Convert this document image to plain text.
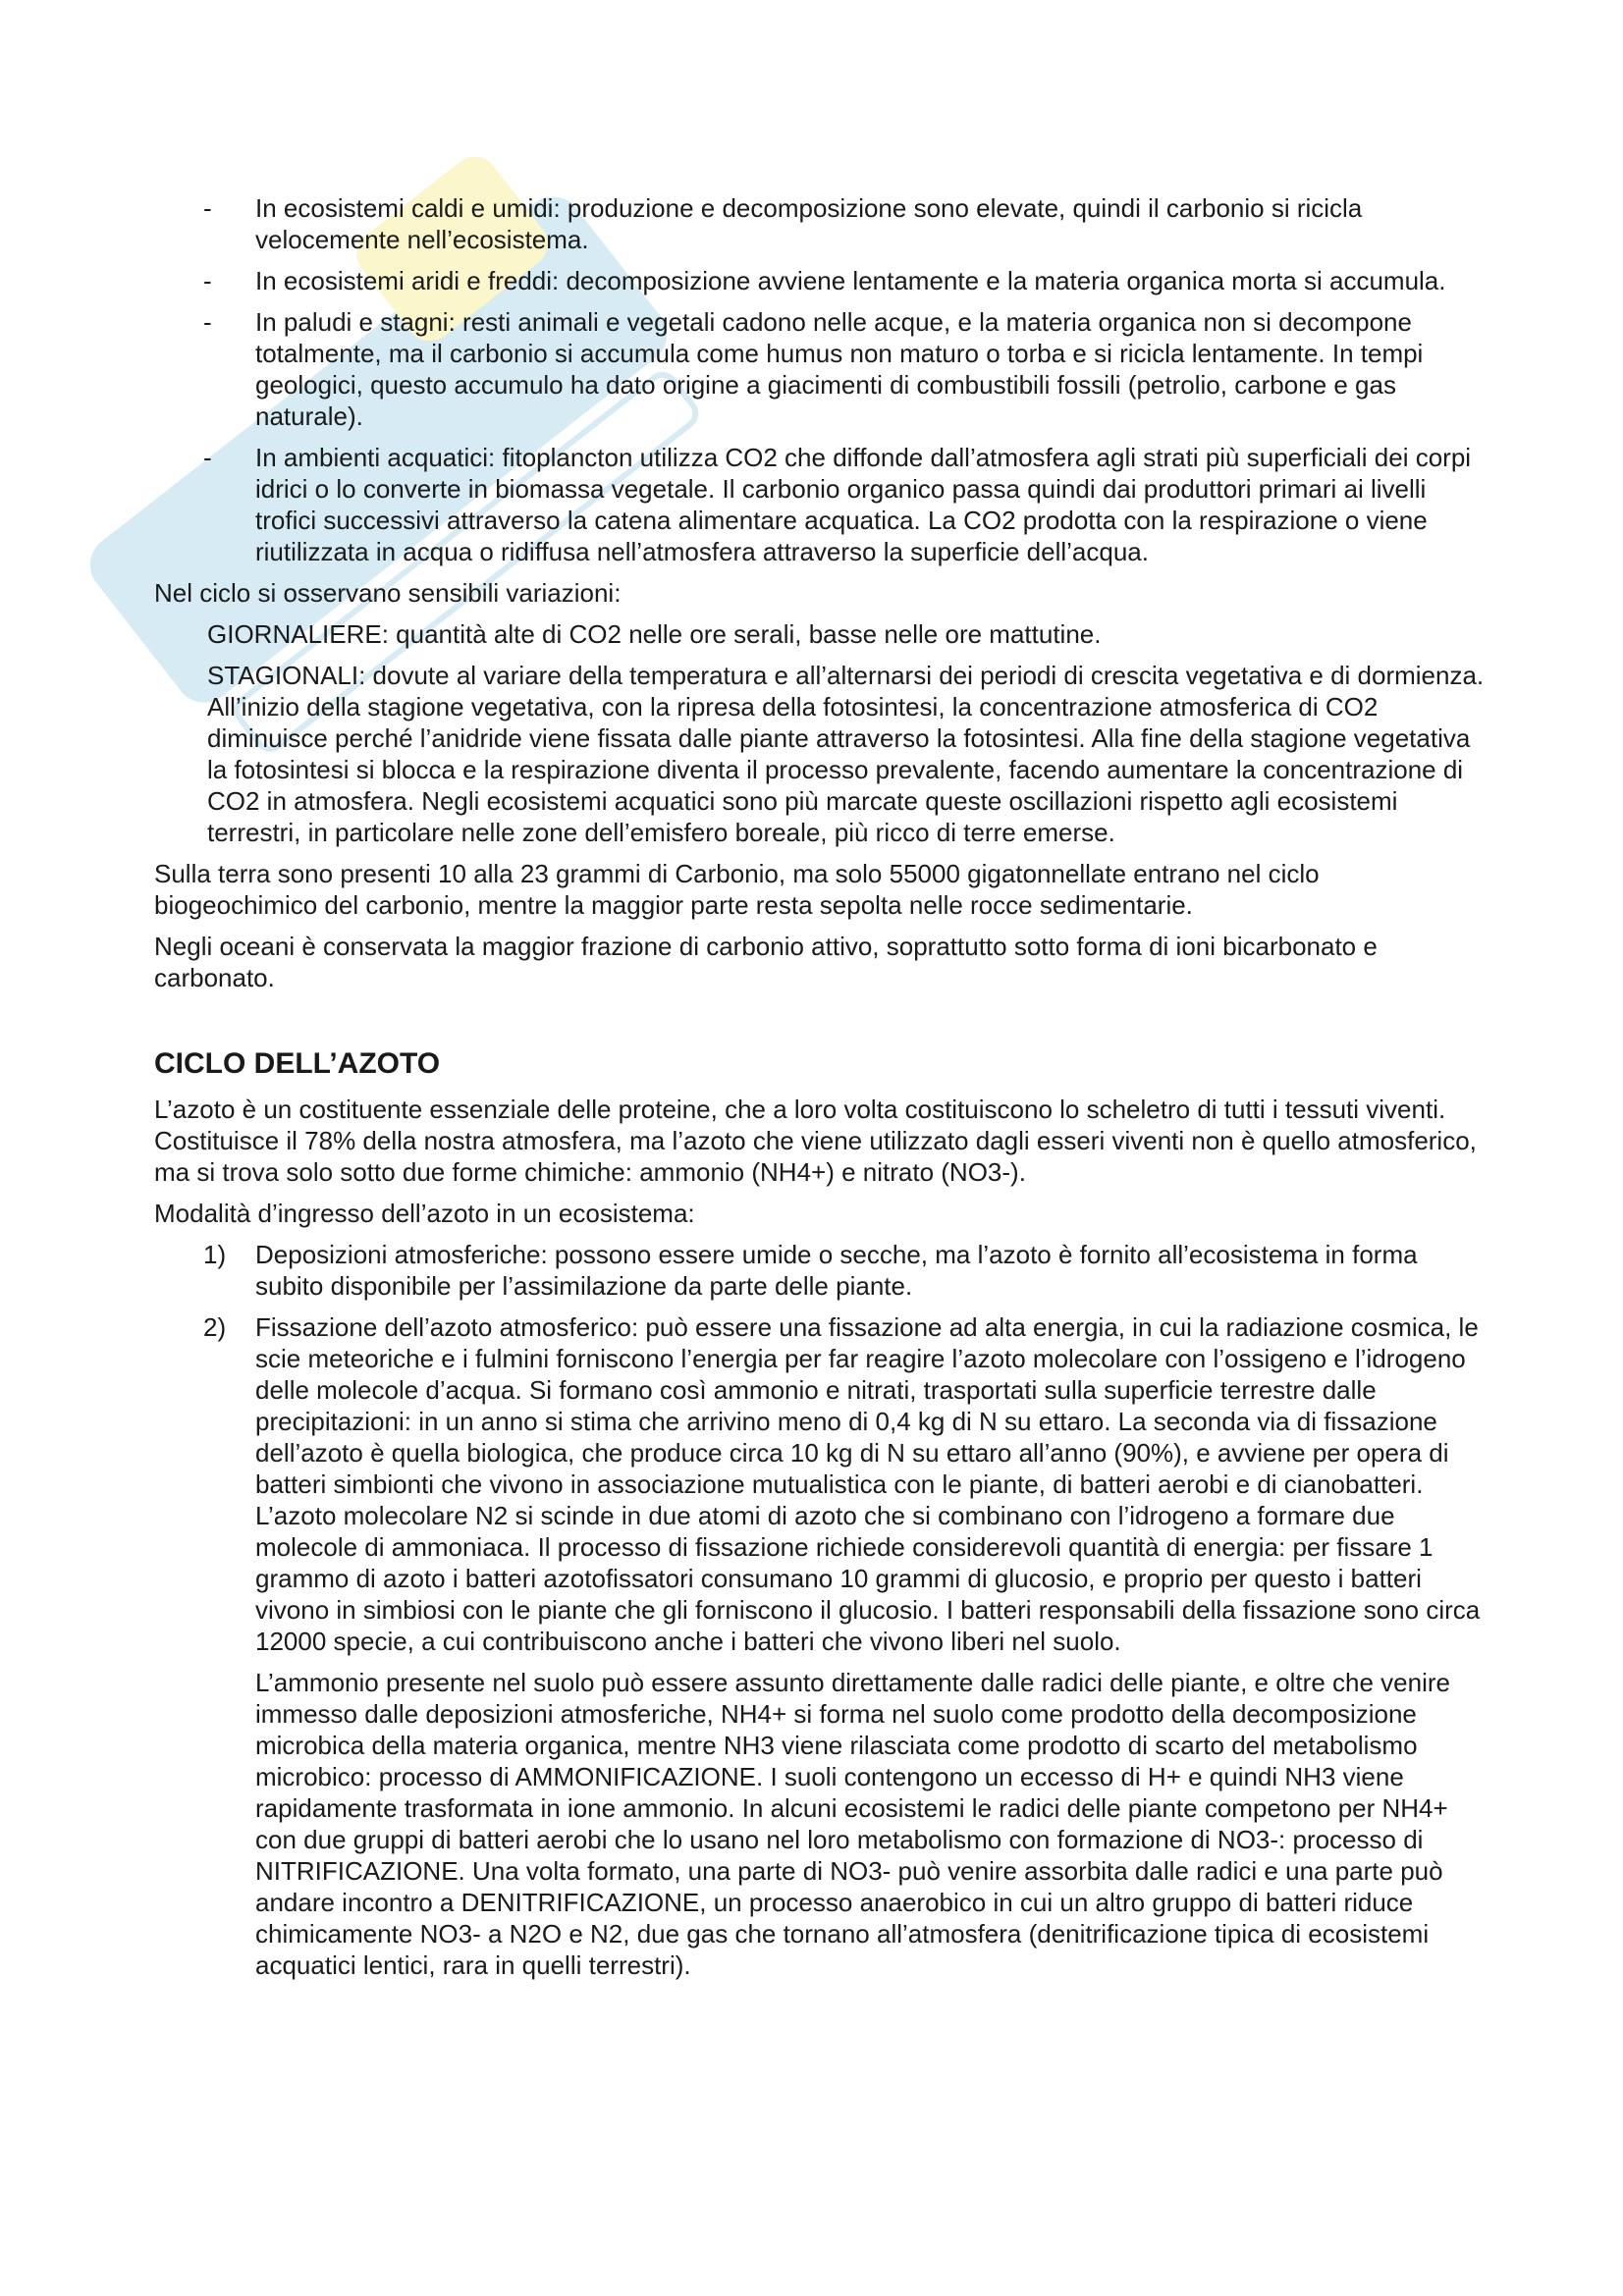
- In ecosistemi caldi e umidi: produzione e decomposizione sono elevate, quindi il carbonio si ricicla velocemente nell’ecosistema.
- In ecosistemi aridi e freddi: decomposizione avviene lentamente e la materia organica morta si accumula.
- In paludi e stagni: resti animali e vegetali cadono nelle acque, e la materia organica non si decompone totalmente, ma il carbonio si accumula come humus non maturo o torba e si ricicla lentamente. In tempi geologici, questo accumulo ha dato origine a giacimenti di combustibili fossili (petrolio, carbone e gas naturale).
- In ambienti acquatici: fitoplancton utilizza CO2 che diffonde dall’atmosfera agli strati più superficiali dei corpi idrici o lo converte in biomassa vegetale. Il carbonio organico passa quindi dai produttori primari ai livelli trofici successivi attraverso la catena alimentare acquatica. La CO2 prodotta con la respirazione o viene riutilizzata in acqua o ridiffusa nell’atmosfera attraverso la superficie dell’acqua.

Nel ciclo si osservano sensibili variazioni:

GIORNALIERE: quantità alte di CO2 nelle ore serali, basse nelle ore mattutine.

STAGIONALI: dovute al variare della temperatura e all’alternarsi dei periodi di crescita vegetativa e di dormienza. All’inizio della stagione vegetativa, con la ripresa della fotosintesi, la concentrazione atmosferica di CO2 diminuisce perché l’anidride viene fissata dalle piante attraverso la fotosintesi. Alla fine della stagione vegetativa la fotosintesi si blocca e la respirazione diventa il processo prevalente, facendo aumentare la concentrazione di CO2 in atmosfera. Negli ecosistemi acquatici sono più marcate queste oscillazioni rispetto agli ecosistemi terrestri, in particolare nelle zone dell’emisfero boreale, più ricco di terre emerse.

Sulla terra sono presenti 10 alla 23 grammi di Carbonio, ma solo 55000 gigatonnellate entrano nel ciclo biogeochimico del carbonio, mentre la maggior parte resta sepolta nelle rocce sedimentarie.

Negli oceani è conservata la maggior frazione di carbonio attivo, soprattutto sotto forma di ioni bicarbonato e carbonato.

CICLO DELL’AZOTO

L’azoto è un costituente essenziale delle proteine, che a loro volta costituiscono lo scheletro di tutti i tessuti viventi. Costituisce il 78% della nostra atmosfera, ma l’azoto che viene utilizzato dagli esseri viventi non è quello atmosferico, ma si trova solo sotto due forme chimiche: ammonio (NH4+) e nitrato (NO3-).

Modalità d’ingresso dell’azoto in un ecosistema:

1) Deposizioni atmosferiche: possono essere umide o secche, ma l’azoto è fornito all’ecosistema in forma subito disponibile per l’assimilazione da parte delle piante.
2) Fissazione dell’azoto atmosferico: può essere una fissazione ad alta energia, in cui la radiazione cosmica, le scie meteoriche e i fulmini forniscono l’energia per far reagire l’azoto molecolare con l’ossigeno e l’idrogeno delle molecole d’acqua. Si formano così ammonio e nitrati, trasportati sulla superficie terrestre dalle precipitazioni: in un anno si stima che arrivino meno di 0,4 kg di N su ettaro. La seconda via di fissazione dell’azoto è quella biologica, che produce circa 10 kg di N su ettaro all’anno (90%), e avviene per opera di batteri simbionti che vivono in associazione mutualistica con le piante, di batteri aerobi e di cianobatteri. L’azoto molecolare N2 si scinde in due atomi di azoto che si combinano con l’idrogeno a formare due molecole di ammoniaca. Il processo di fissazione richiede considerevoli quantità di energia: per fissare 1 grammo di azoto i batteri azotofissatori consumano 10 grammi di glucosio, e proprio per questo i batteri vivono in simbiosi con le piante che gli forniscono il glucosio. I batteri responsabili della fissazione sono circa 12000 specie, a cui contribuiscono anche i batteri che vivono liberi nel suolo.

L’ammonio presente nel suolo può essere assunto direttamente dalle radici delle piante, e oltre che venire immesso dalle deposizioni atmosferiche, NH4+ si forma nel suolo come prodotto della decomposizione microbica della materia organica, mentre NH3 viene rilasciata come prodotto di scarto del metabolismo microbico: processo di AMMONIFICAZIONE. I suoli contengono un eccesso di H+ e quindi NH3 viene rapidamente trasformata in ione ammonio. In alcuni ecosistemi le radici delle piante competono per NH4+ con due gruppi di batteri aerobi che lo usano nel loro metabolismo con formazione di NO3-: processo di NITRIFICAZIONE. Una volta formato, una parte di NO3- può venire assorbita dalle radici e una parte può andare incontro a DENITRIFICAZIONE, un processo anaerobico in cui un altro gruppo di batteri riduce chimicamente NO3- a N2O e N2, due gas che tornano all’atmosfera (denitrificazione tipica di ecosistemi acquatici lentici, rara in quelli terrestri).
